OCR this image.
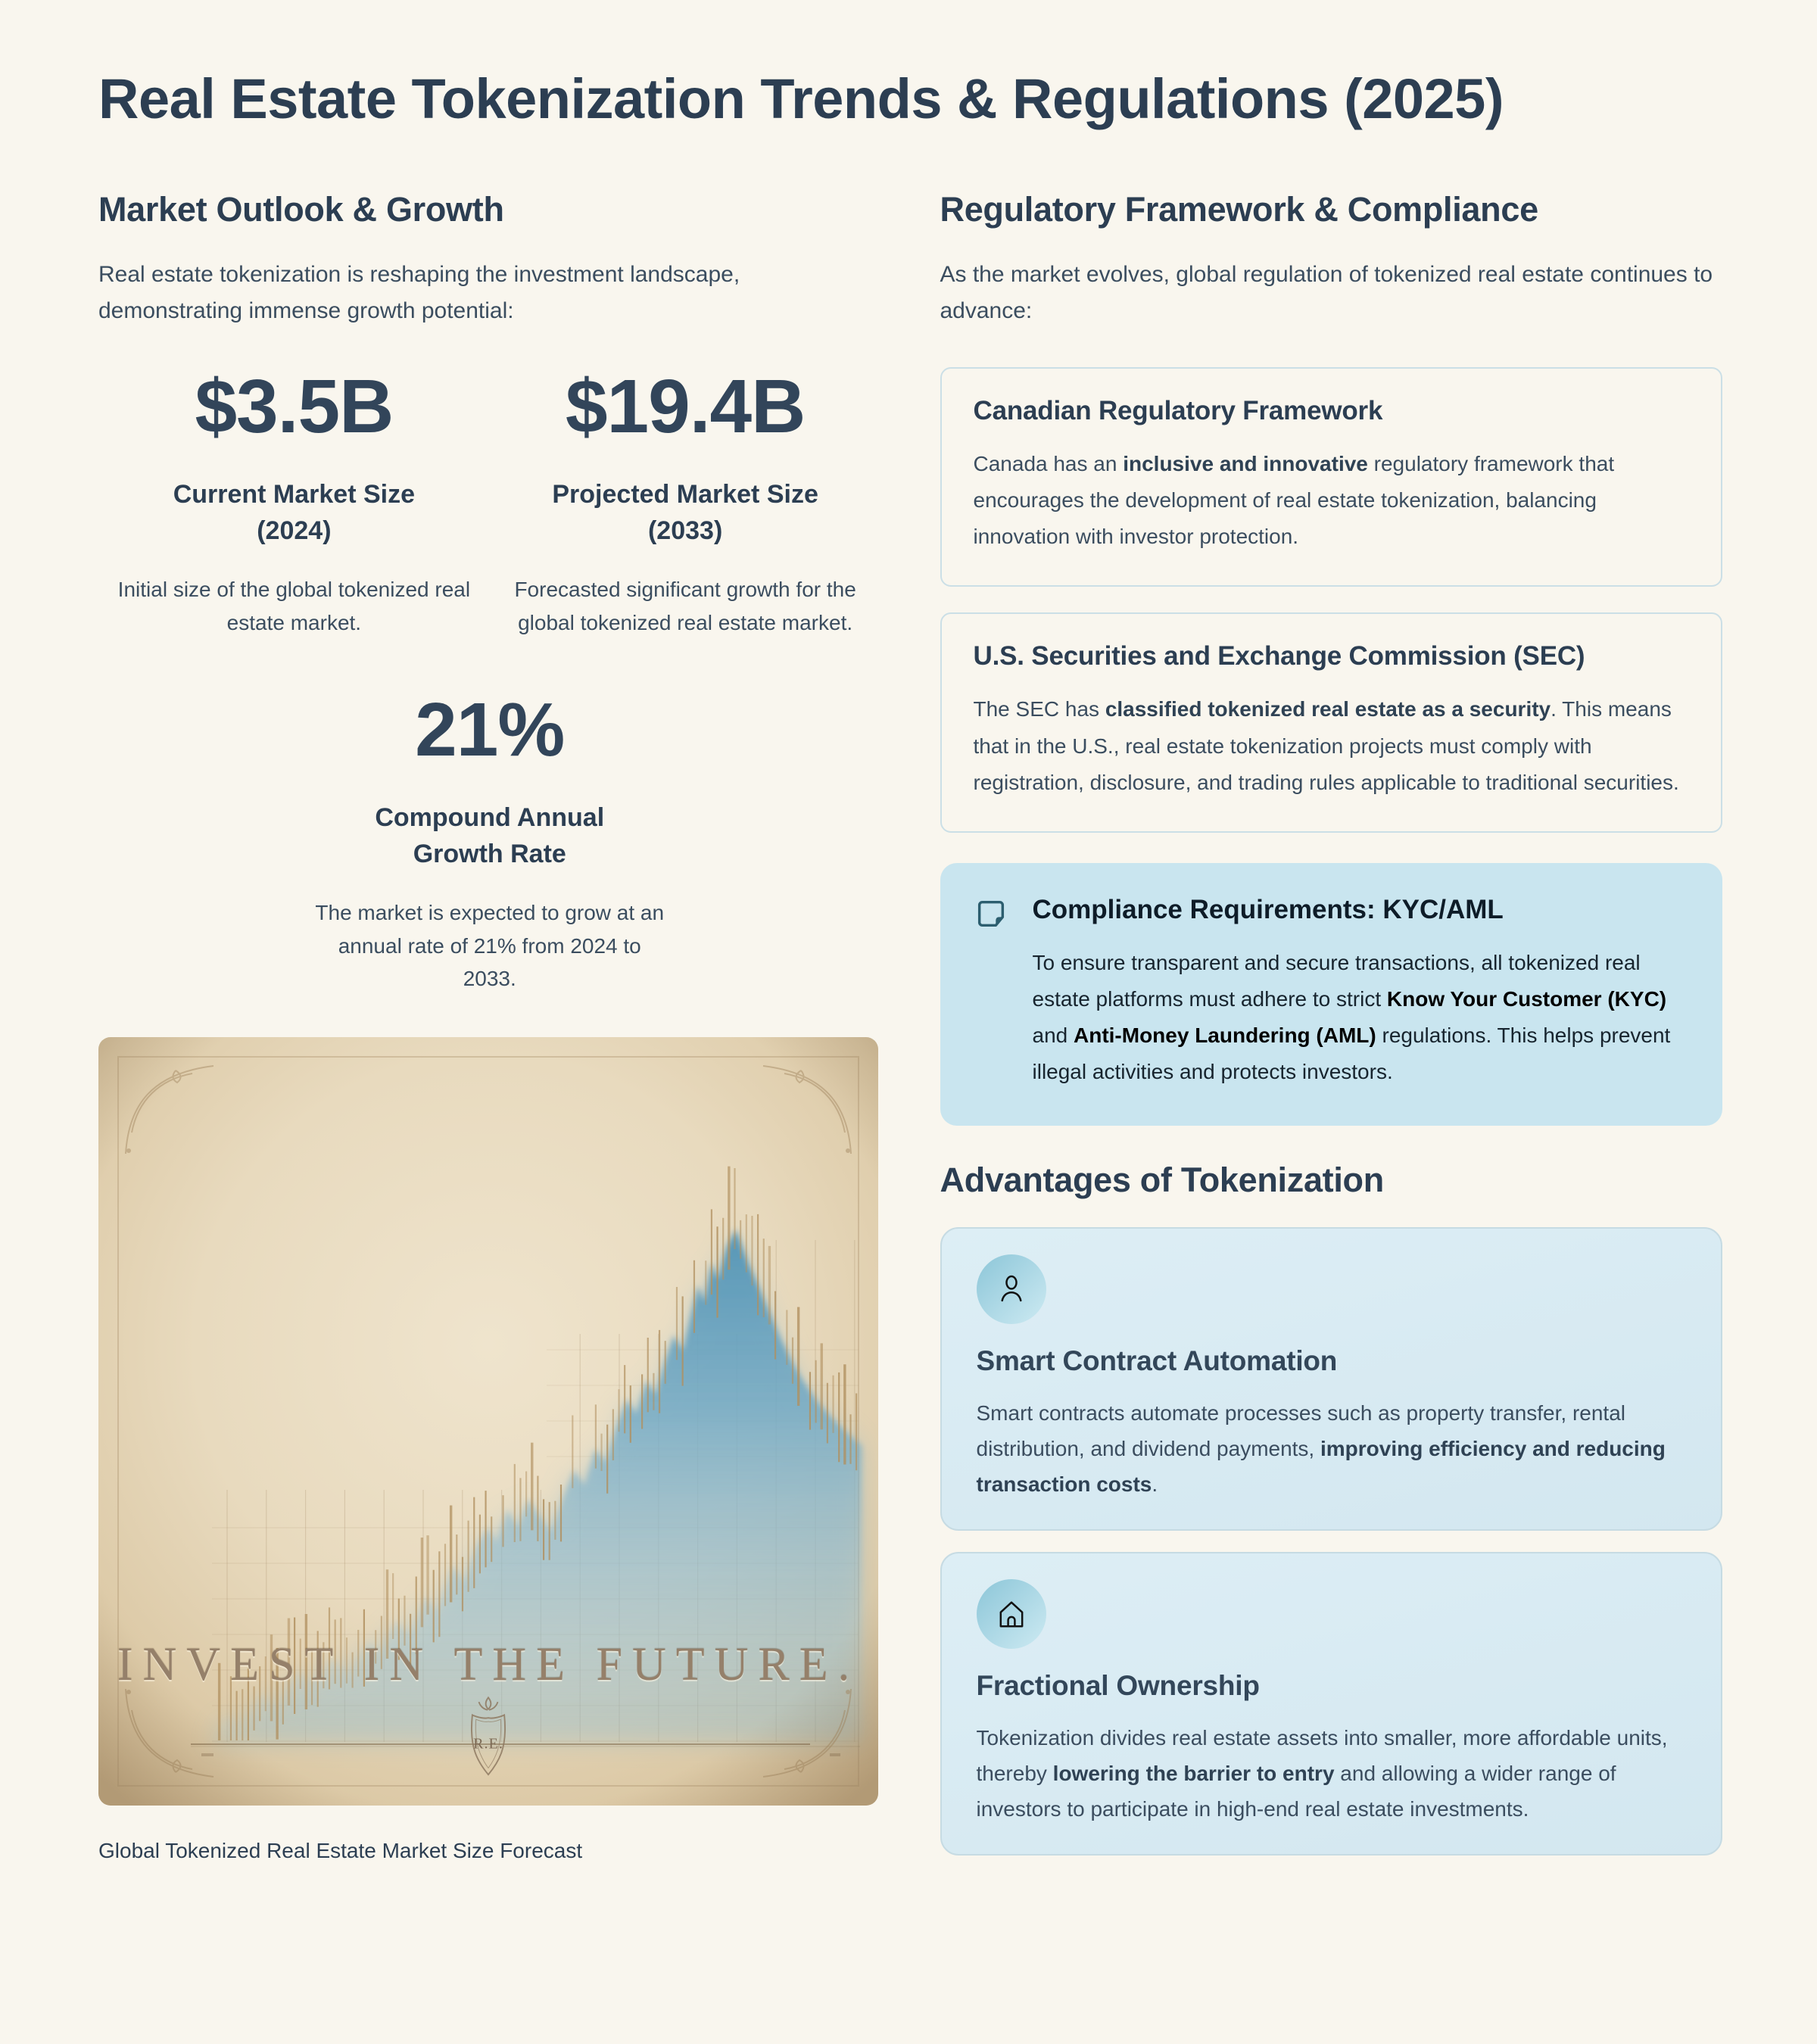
Real Estate Tokenization Trends & Regulations (2025)
Market Outlook & Growth

Real estate tokenization is reshaping the investment landscape, demonstrating immense growth potential:

$3.5B
Current Market Size (2024)
Initial size of the global tokenized real estate market.
$19.4B
Projected Market Size (2033)
Forecasted significant growth for the global tokenized real estate market.
21%
Compound Annual Growth Rate
The market is expected to grow at an annual rate of 21% from 2024 to 2033.
INVEST IN THE FUTURE.
R.E.
Global Tokenized Real Estate Market Size Forecast
Regulatory Framework & Compliance

As the market evolves, global regulation of tokenized real estate continues to advance:

Canadian Regulatory Framework

Canada has an inclusive and innovative regulatory framework that encourages the development of real estate tokenization, balancing innovation with investor protection.

U.S. Securities and Exchange Commission (SEC)

The SEC has classified tokenized real estate as a security. This means that in the U.S., real estate tokenization projects must comply with registration, disclosure, and trading rules applicable to traditional securities.

Compliance Requirements: KYC/AML

To ensure transparent and secure transactions, all tokenized real estate platforms must adhere to strict Know Your Customer (KYC) and Anti-Money Laundering (AML) regulations. This helps prevent illegal activities and protects investors.

Advantages of Tokenization
Smart Contract Automation

Smart contracts automate processes such as property transfer, rental distribution, and dividend payments, improving efficiency and reducing transaction costs.

Fractional Ownership

Tokenization divides real estate assets into smaller, more affordable units, thereby lowering the barrier to entry and allowing a wider range of investors to participate in high-end real estate investments.
